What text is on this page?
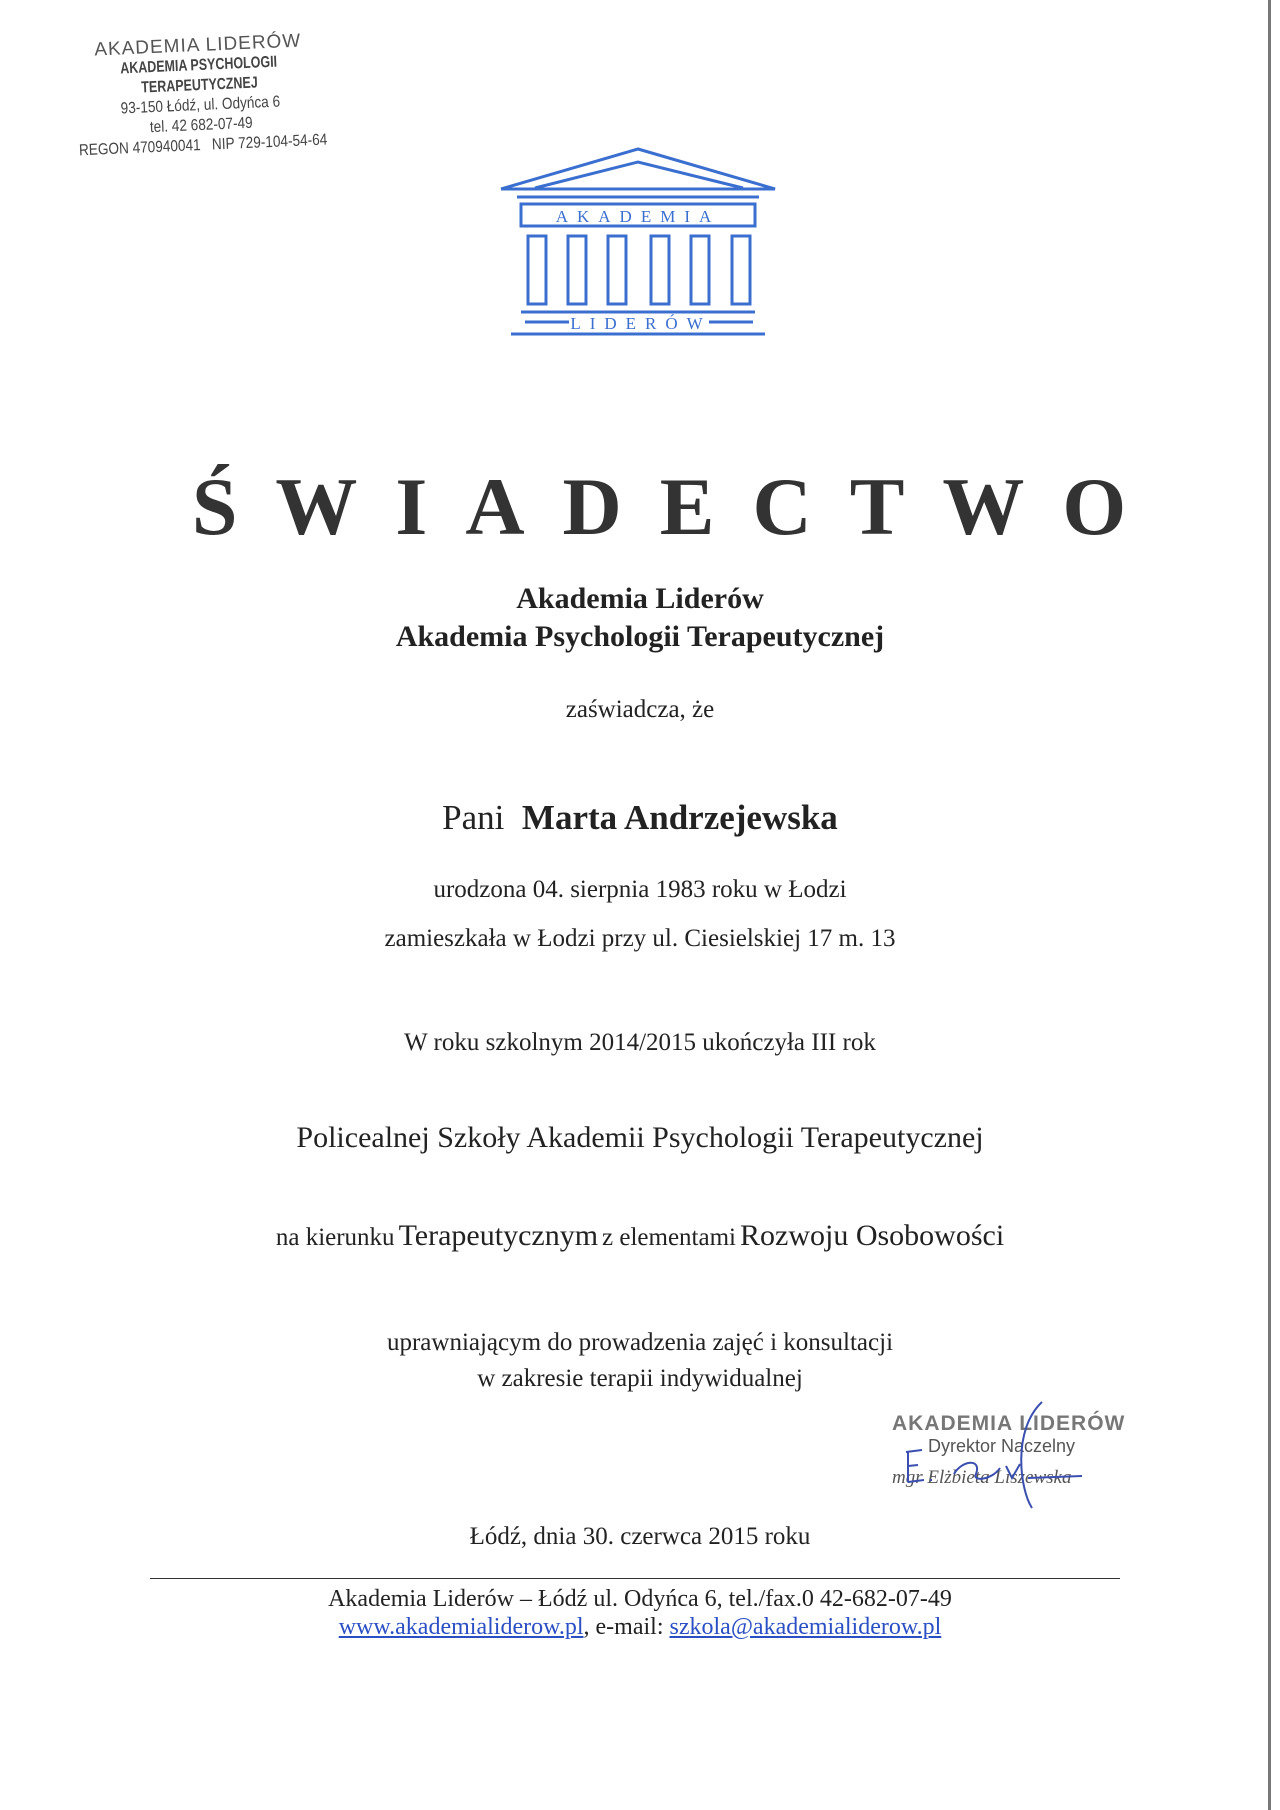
AKADEMIA LIDERÓW
AKADEMIA PSYCHOLOGII TERAPEUTYCZNEJ
93-150 Łódź, ul. Odyńca 6
tel. 42 682-07-49
REGON 470940041   NIP 729-104-54-64
AKADEMIA
LIDERÓW
ŚWIADECTWO
Akademia Liderów
Akademia Psychologii Terapeutycznej
zaświadcza, że
Pani Marta Andrzejewska
urodzona 04. sierpnia 1983 roku w Łodzi
zamieszkała w Łodzi przy ul. Ciesielskiej 17 m. 13
W roku szkolnym 2014/2015 ukończyła III rok
Policealnej Szkoły Akademii Psychologii Terapeutycznej
na kierunku Terapeutycznym z elementami Rozwoju Osobowości
uprawniającym do prowadzenia zajęć i konsultacji
w zakresie terapii indywidualnej
AKADEMIA LIDERÓW
Dyrektor Naczelny
mgr Elżbieta Liszewska
Łódź, dnia 30. czerwca 2015 roku
Akademia Liderów – Łódź ul. Odyńca 6, tel./fax.0 42-682-07-49
www.akademialiderow.pl, e-mail: szkola@akademialiderow.pl
